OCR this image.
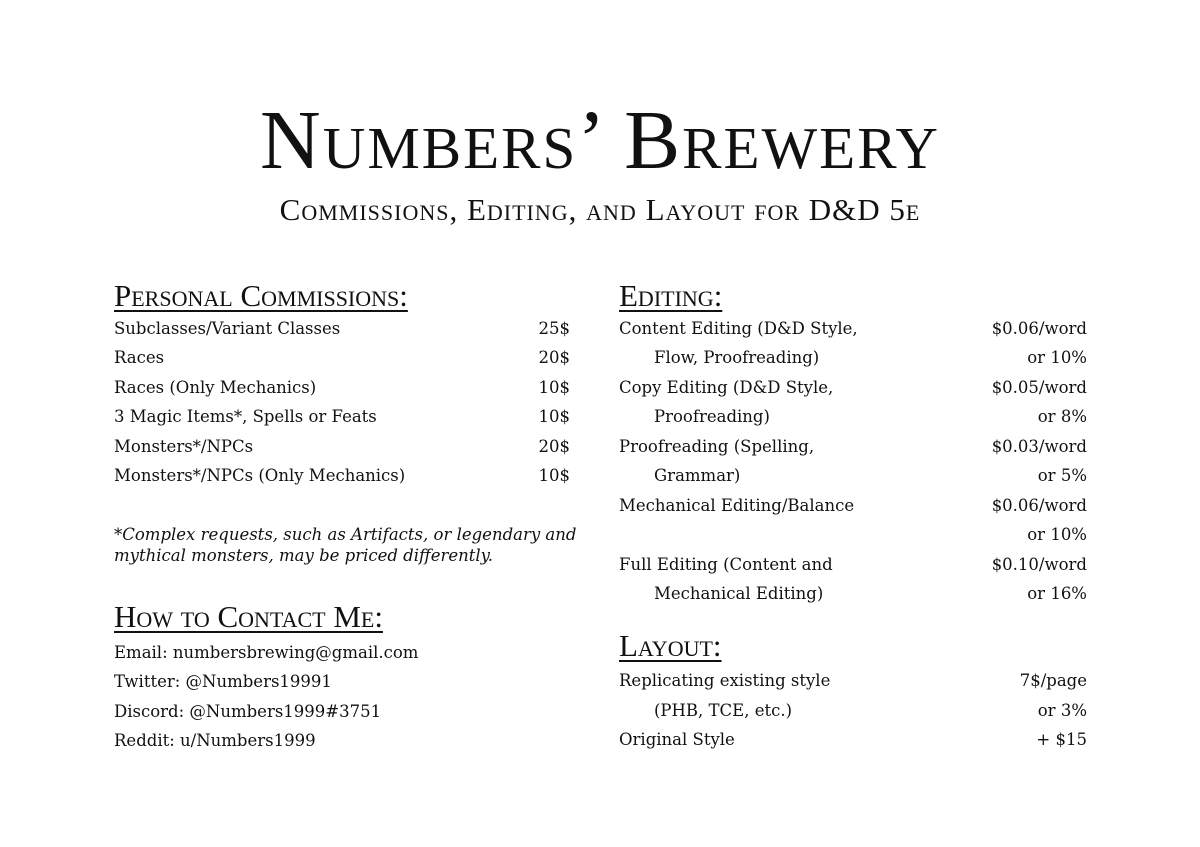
Numbers’ Brewery
Commissions, Editing, and Layout for D&D 5e
Personal Commissions:
Subclasses/Variant Classes	25$
Races	20$
Races (Only Mechanics)	10$
3 Magic Items*, Spells or Feats	10$
Monsters*/NPCs	20$
Monsters*/NPCs (Only Mechanics)	10$

*Complex requests, such as Artifacts, or legendary and mythical monsters, may be priced differently.

How to Contact Me:
Email: numbersbrewing@gmail.com
Twitter: @Numbers19991
Discord: @Numbers1999#3751
Reddit: u/Numbers1999
Editing:
Content Editing (D&D Style,	$0.06/word
Flow, Proofreading)	or 10%
Copy Editing (D&D Style,	$0.05/word
Proofreading)	or 8%
Proofreading (Spelling,	$0.03/word
Grammar)	or 5%
Mechanical Editing/Balance	$0.06/word
or 10%
Full Editing (Content and	$0.10/word
Mechanical Editing)	or 16%
Layout:
Replicating existing style	7$/page
(PHB, TCE, etc.)	or 3%
Original Style	+ $15
